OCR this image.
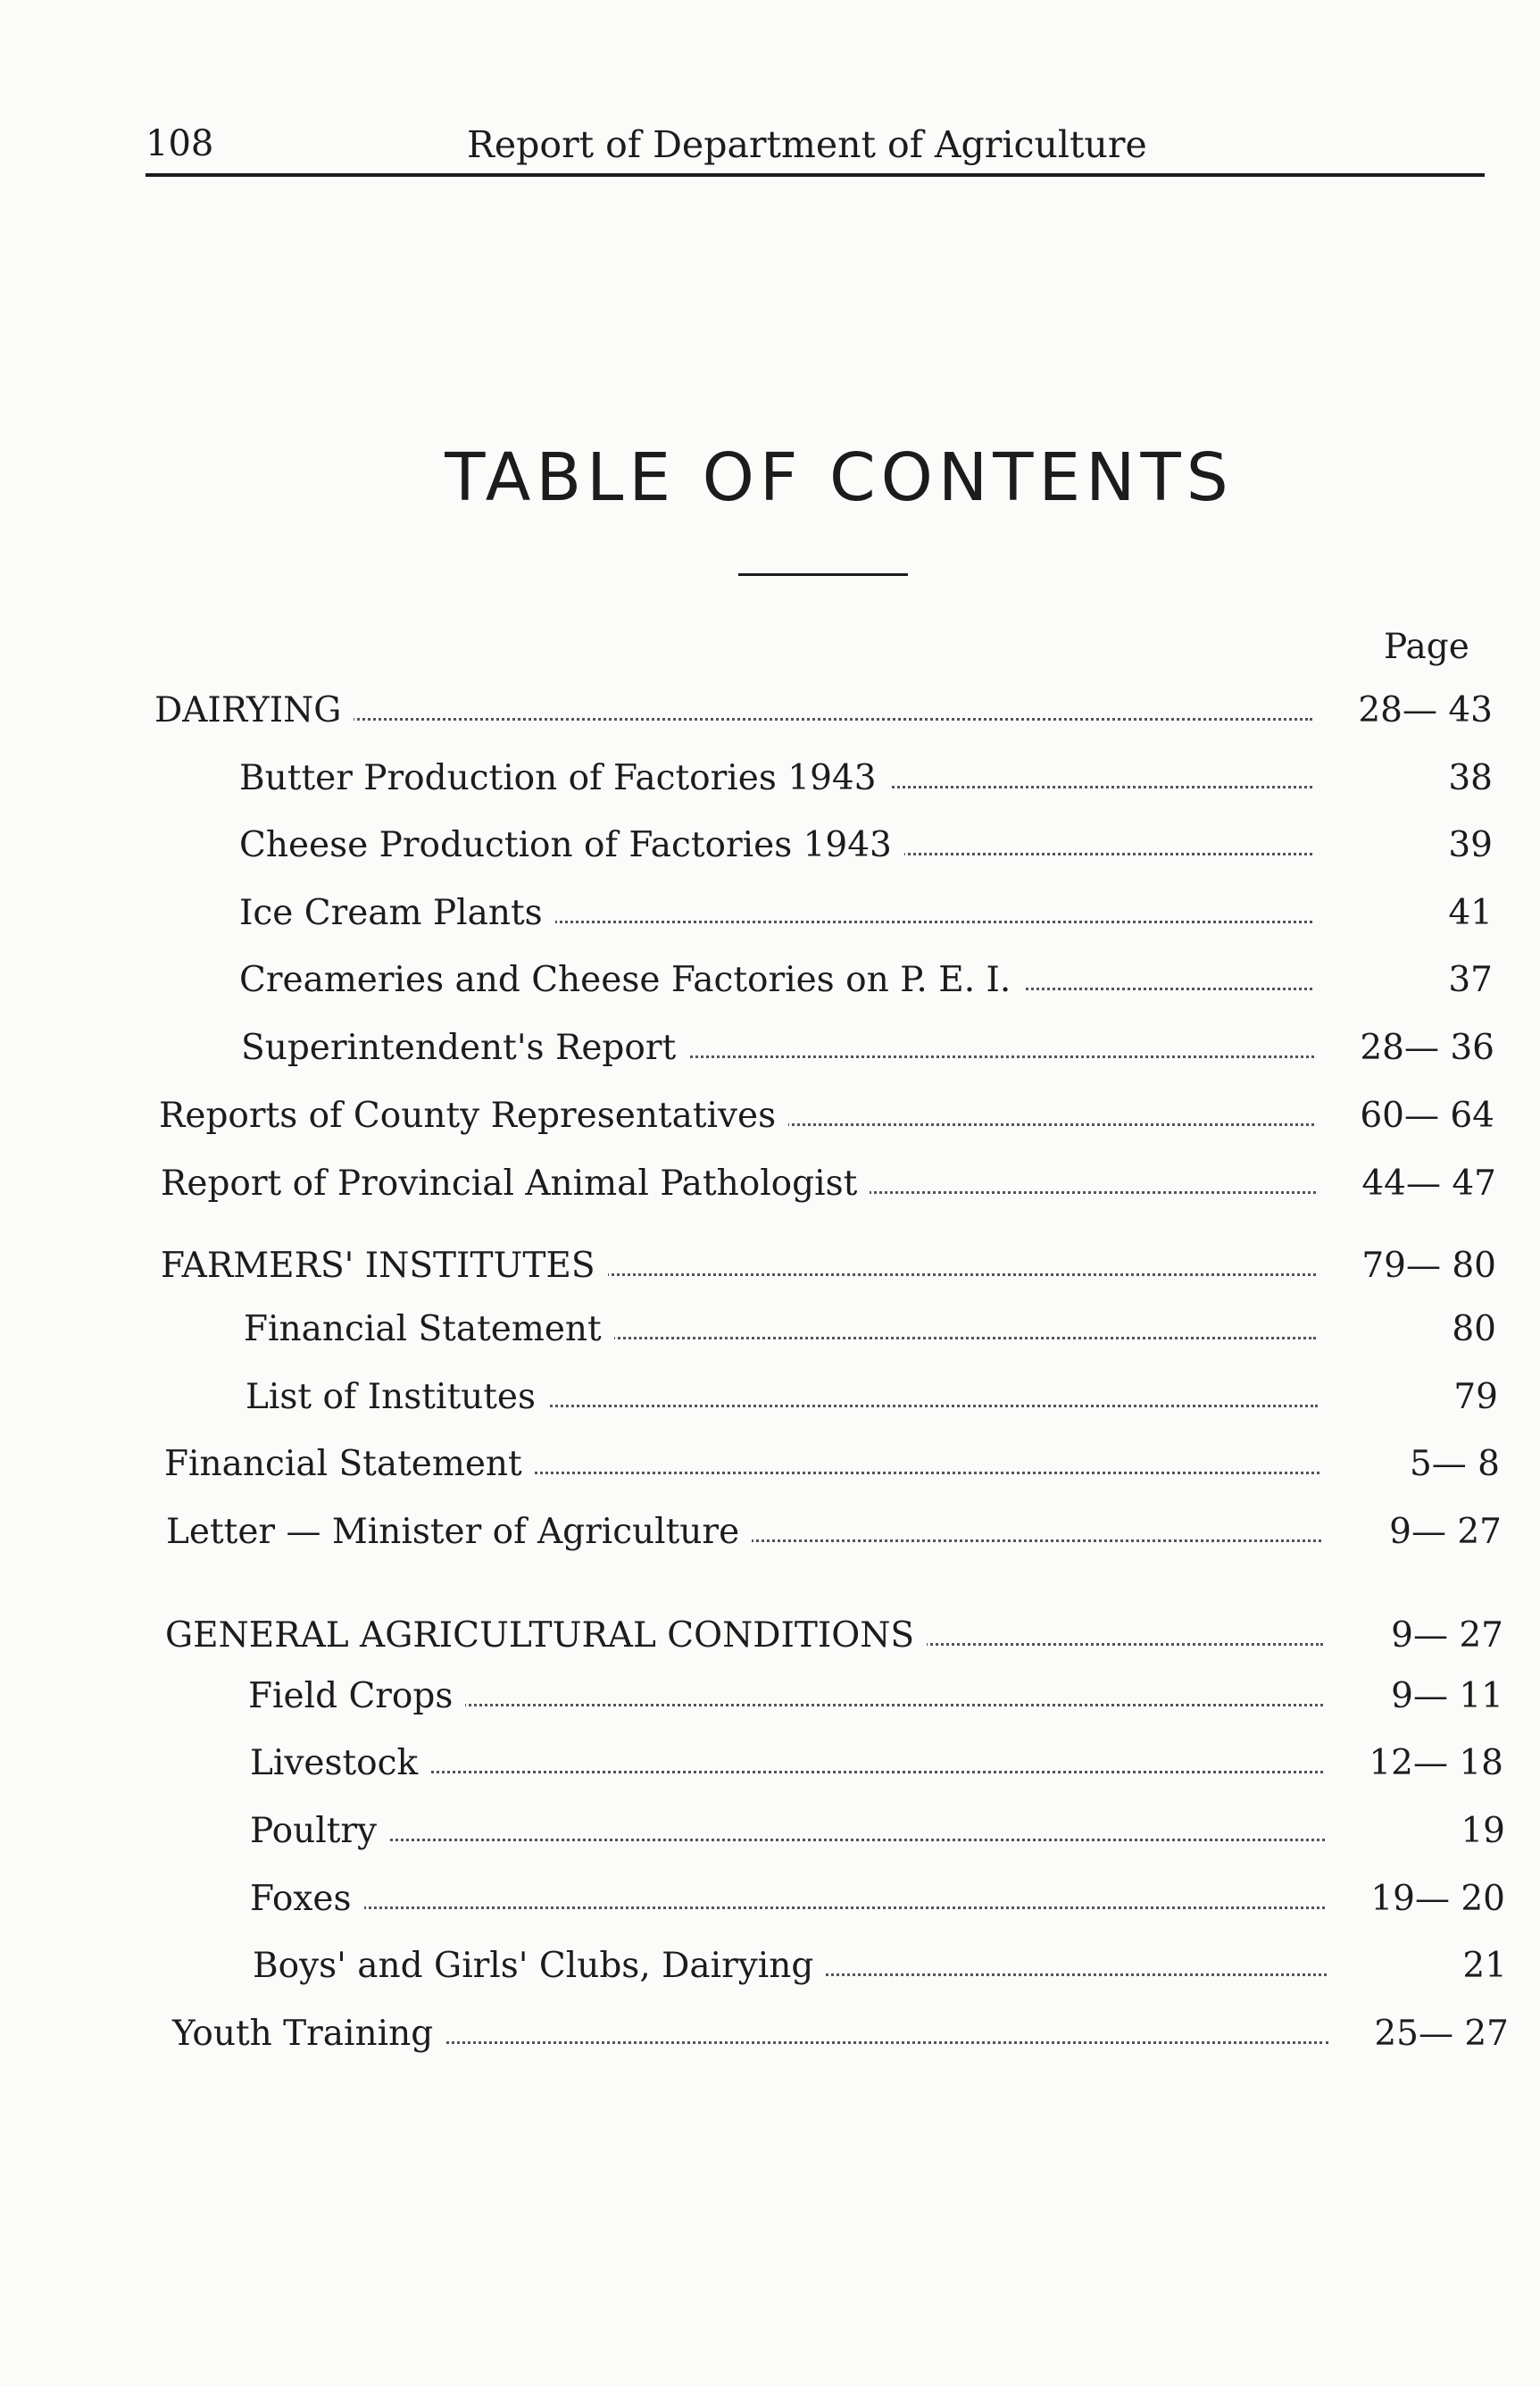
108	Report of Department of Agriculture
TABLE OF CONTENTS
Page
DAIRYING	28— 43
Butter Production of Factories 1943	38
Cheese Production of Factories 1943	39
Ice Cream Plants	41
Creameries and Cheese Factories on P. E. I.	37
Superintendent's Report	28— 36
Reports of County Representatives	60— 64
Report of Provincial Animal Pathologist	44— 47
FARMERS' INSTITUTES	79— 80
Financial Statement	80
List of Institutes	79
Financial Statement	5— 8
Letter — Minister of Agriculture	9— 27
GENERAL AGRICULTURAL CONDITIONS	9— 27
Field Crops	9— 11
Livestock	12— 18
Poultry	19
Foxes	19— 20
Boys' and Girls' Clubs, Dairying	21
Youth Training	25— 27
